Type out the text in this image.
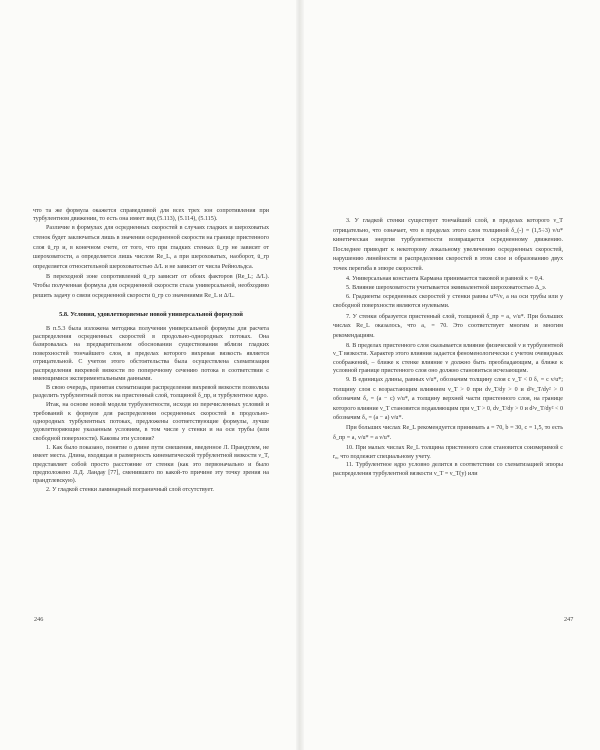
что та же формула окажется справедливой для всех трех зон сопротивления при турбулентном движении, то есть она имеет вид (5.113), (5.114), (5.115).

Различие в формулах для осредненных скоростей в случаях гладких и шероховатых стенок будет заключаться лишь в значении осредненной скорости на границе пристенного слоя ū_гр и, в конечном счете, от того, что при гладких стенках ū_гр не зависит от шероховатости, а определяется лишь числом Re_L, а при шероховатых, наоборот, ū_гр определяется относительной шероховатостью Δ/L и не зависит от числа Рейнольдса.

В переходной зоне сопротивлений ū_гр зависит от обоих факторов (Re_L; Δ/L). Чтобы полученная формула для осредненной скорости стала универсальной, необходимо решить задачу о связи осредненной скорости ū_гр со значениями Re_L и Δ/L.

5.8. Условия, удовлетворяемые новой универсальной формулой

В п.5.3 была изложена методика получения универсальной формулы для расчета распределения осредненных скоростей в продольно-однородных потоках. Она базировалась на предварительном обосновании существования вблизи гладких поверхностей тончайшего слоя, в пределах которого вихревая вязкость является отрицательной. С учетом этого обстоятельства была осуществлена схематизация распределения вихревой вязкости по поперечному сечению потока в соответствии с имеющимися экспериментальными данными.

В свою очередь, принятая схематизация распределения вихревой вязкости позволила разделить турбулентный поток на пристенный слой, толщиной δ_пр, и турбулентное ядро.

Итак, на основе новой модели турбулентности, исходя из перечисленных условий и требований к формуле для распределения осредненных скоростей в продольно-однородных турбулентных потоках, предложены соответствующие формулы, лучше удовлетворяющие указанным условиям, в том числе у стенки и на оси трубы (или свободной поверхности). Каковы эти условия?

1. Как было показано, понятие о длине пути смешения, введенное Л. Прандтлем, не имеет места. Длина, входящая в размерность кинематической турбулентной вязкости ν_T, представляет собой просто расстояние от стенки (как это первоначально и было предположено Л.Д. Ландау [77], сменившего по какой-то причине эту точку зрения на прандтлевскую).

2. У гладкой стенки ламинарный пограничный слой отсутствует.

246

3. У гладкой стенки существует тончайший слой, в пределах которого ν_T отрицательно, что означает, что в пределах этого слоя толщиной δ_(-) = (1,5÷3) ν/u* кинетическая энергия турбулентности возвращается осредненному движению. Последнее приводит к некоторому локальному увеличению осредненных скоростей, нарушению линейности в распределении скоростей в этом слое и образованию двух точек перегиба в эпюре скоростей.

4. Универсальная константа Кармана принимается таковой и равной κ = 0,4.

5. Влияние шероховатости учитывается эквивалентной шероховатостью Δ_э.

6. Градиенты осредненных скоростей у стенки равны u*²/ν, а на оси трубы или у свободной поверхности являются нулевыми.

7. У стенки образуется пристенный слой, толщиной δ_пр = a₁ ν/u*. При больших числах Re_L оказалось, что a₁ = 70. Это соответствует многим и многим рекомендациям.

8. В пределах пристенного слоя сказывается влияние физической ν и турбулентной ν_T вязкости. Характер этого влияния задается феноменологически с учетом очевидных соображений, – ближе к стенке влияние ν должно быть преобладающим, а ближе к условной границе пристенного слоя оно должно становиться исчезающим.

9. В единицах длины, равных ν/u*, обозначим толщину слоя с ν_T < 0 δ₁ = c ν/u*; толщину слоя с возрастающим влиянием ν_T > 0 при dν_T/dy > 0 и d²ν_T/dy² > 0 обозначим δ₂ = (a − c) ν/u*, а толщину верхней части пристенного слоя, на границе которого влияние ν_T становится подавляющим при ν_T > 0, dν_T/dy > 0 и d²ν_T/dy² < 0 обозначим δ₃ = (a − a) ν/u*.

При больших числах Re_L рекомендуется принимать a = 70, b = 30, c = 1,5, то есть δ_пр = a₁ ν/u* = a ν/u*.

10. При малых числах Re_L толщина пристенного слоя становится соизмеримой с r₀, что подлежит специальному учету.

11. Турбулентное ядро условно делится в соответствии со схематизацией эпюры распределения турбулентной вязкости ν_T = ν_T(y) или

247
